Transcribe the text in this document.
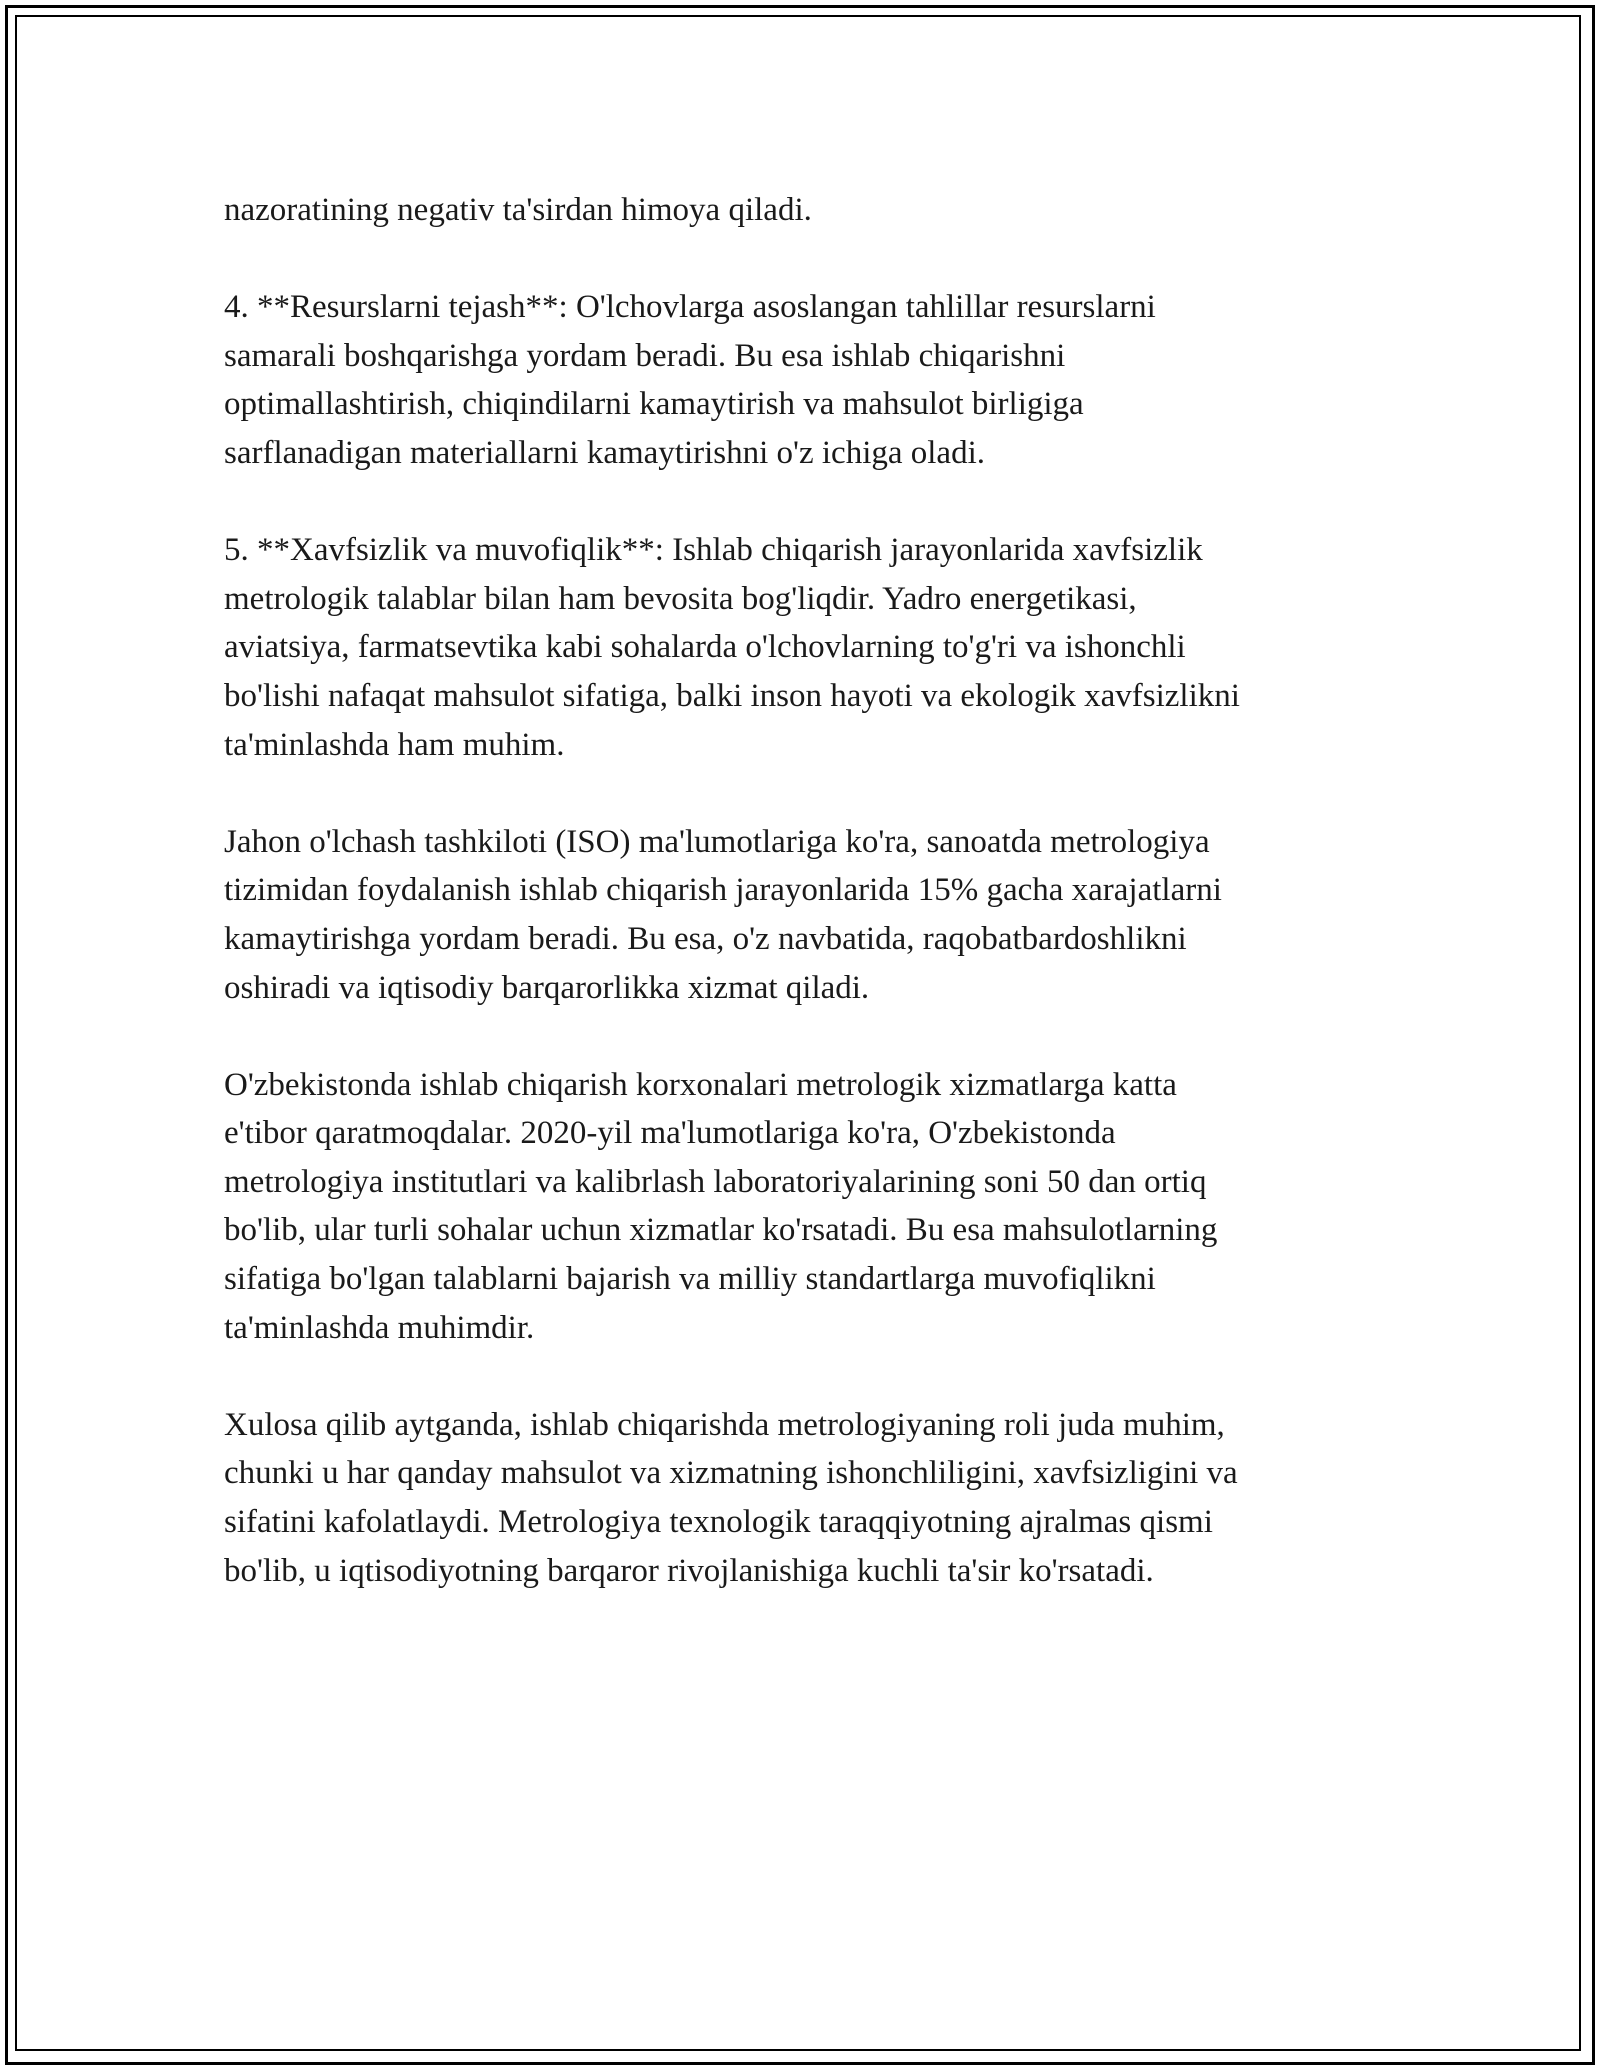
nazoratining negativ ta'sirdan himoya qiladi.

4. **Resurslarni tejash**: O'lchovlarga asoslangan tahlillar resurslarni
samarali boshqarishga yordam beradi. Bu esa ishlab chiqarishni
optimallashtirish, chiqindilarni kamaytirish va mahsulot birligiga
sarflanadigan materiallarni kamaytirishni o'z ichiga oladi.

5. **Xavfsizlik va muvofiqlik**: Ishlab chiqarish jarayonlarida xavfsizlik
metrologik talablar bilan ham bevosita bog'liqdir. Yadro energetikasi,
aviatsiya, farmatsevtika kabi sohalarda o'lchovlarning to'g'ri va ishonchli
bo'lishi nafaqat mahsulot sifatiga, balki inson hayoti va ekologik xavfsizlikni
ta'minlashda ham muhim.

Jahon o'lchash tashkiloti (ISO) ma'lumotlariga ko'ra, sanoatda metrologiya
tizimidan foydalanish ishlab chiqarish jarayonlarida 15% gacha xarajatlarni
kamaytirishga yordam beradi. Bu esa, o'z navbatida, raqobatbardoshlikni
oshiradi va iqtisodiy barqarorlikka xizmat qiladi.

O'zbekistonda ishlab chiqarish korxonalari metrologik xizmatlarga katta
e'tibor qaratmoqdalar. 2020-yil ma'lumotlariga ko'ra, O'zbekistonda
metrologiya institutlari va kalibrlash laboratoriyalarining soni 50 dan ortiq
bo'lib, ular turli sohalar uchun xizmatlar ko'rsatadi. Bu esa mahsulotlarning
sifatiga bo'lgan talablarni bajarish va milliy standartlarga muvofiqlikni
ta'minlashda muhimdir.

Xulosa qilib aytganda, ishlab chiqarishda metrologiyaning roli juda muhim,
chunki u har qanday mahsulot va xizmatning ishonchliligini, xavfsizligini va
sifatini kafolatlaydi. Metrologiya texnologik taraqqiyotning ajralmas qismi
bo'lib, u iqtisodiyotning barqaror rivojlanishiga kuchli ta'sir ko'rsatadi.
